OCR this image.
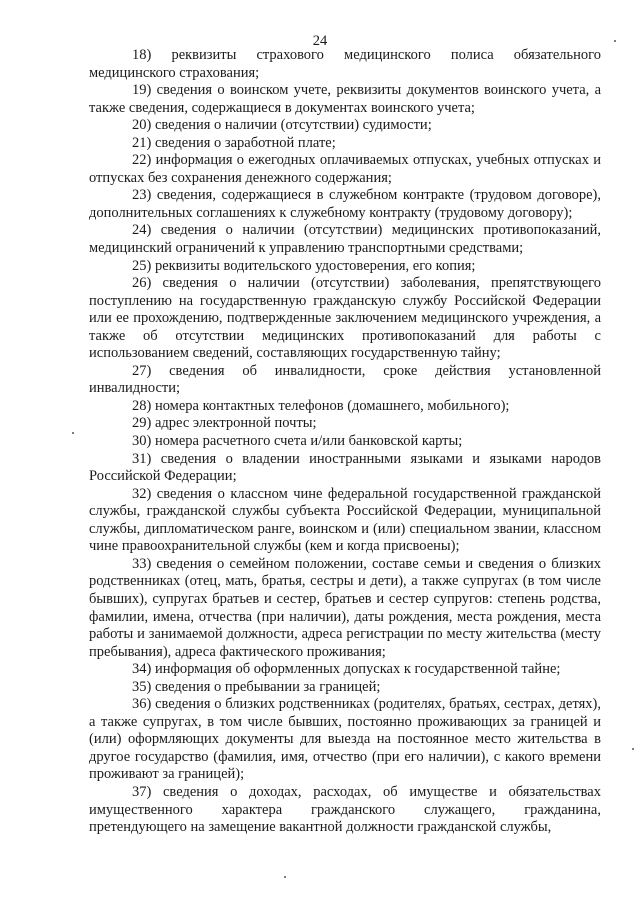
24

18) реквизиты страхового медицинского полиса обязательного медицинского страхования;

19) сведения о воинском учете, реквизиты документов воинского учета, а также сведения, содержащиеся в документах воинского учета;

20) сведения о наличии (отсутствии) судимости;

21) сведения о заработной плате;

22) информация о ежегодных оплачиваемых отпусках, учебных отпусках и отпусках без сохранения денежного содержания;

23) сведения, содержащиеся в служебном контракте (трудовом договоре), дополнительных соглашениях к служебному контракту (трудовому договору);

24) сведения о наличии (отсутствии) медицинских противопоказаний, медицинский ограничений к управлению транспортными средствами;

25) реквизиты водительского удостоверения, его копия;

26) сведения о наличии (отсутствии) заболевания, препятствующего поступлению на государственную гражданскую службу Российской Федерации или ее прохождению, подтвержденные заключением медицинского учреждения, а также об отсутствии медицинских противопоказаний для работы с использованием сведений, составляющих государственную тайну;

27) сведения об инвалидности, сроке действия установленной инвалидности;

28) номера контактных телефонов (домашнего, мобильного);

29) адрес электронной почты;

30) номера расчетного счета и/или банковской карты;

31) сведения о владении иностранными языками и языками народов Российской Федерации;

32) сведения о классном чине федеральной государственной гражданской службы, гражданской службы субъекта Российской Федерации, муниципальной службы, дипломатическом ранге, воинском и (или) специальном звании, классном чине правоохранительной службы (кем и когда присвоены);

33) сведения о семейном положении, составе семьи и сведения о близких родственниках (отец, мать, братья, сестры и дети), а также супругах (в том числе бывших), супругах братьев и сестер, братьев и сестер супругов: степень родства, фамилии, имена, отчества (при наличии), даты рождения, места рождения, места работы и занимаемой должности, адреса регистрации по месту жительства (месту пребывания), адреса фактического проживания;

34) информация об оформленных допусках к государственной тайне;

35) сведения о пребывании за границей;

36) сведения о близких родственниках (родителях, братьях, сестрах, детях), а также супругах, в том числе бывших, постоянно проживающих за границей и (или) оформляющих документы для выезда на постоянное место жительства в другое государство (фамилия, имя, отчество (при его наличии), с какого времени проживают за границей);

37) сведения о доходах, расходах, об имуществе и обязательствах имущественного характера гражданского служащего, гражданина, претендующего на замещение вакантной должности гражданской службы,
